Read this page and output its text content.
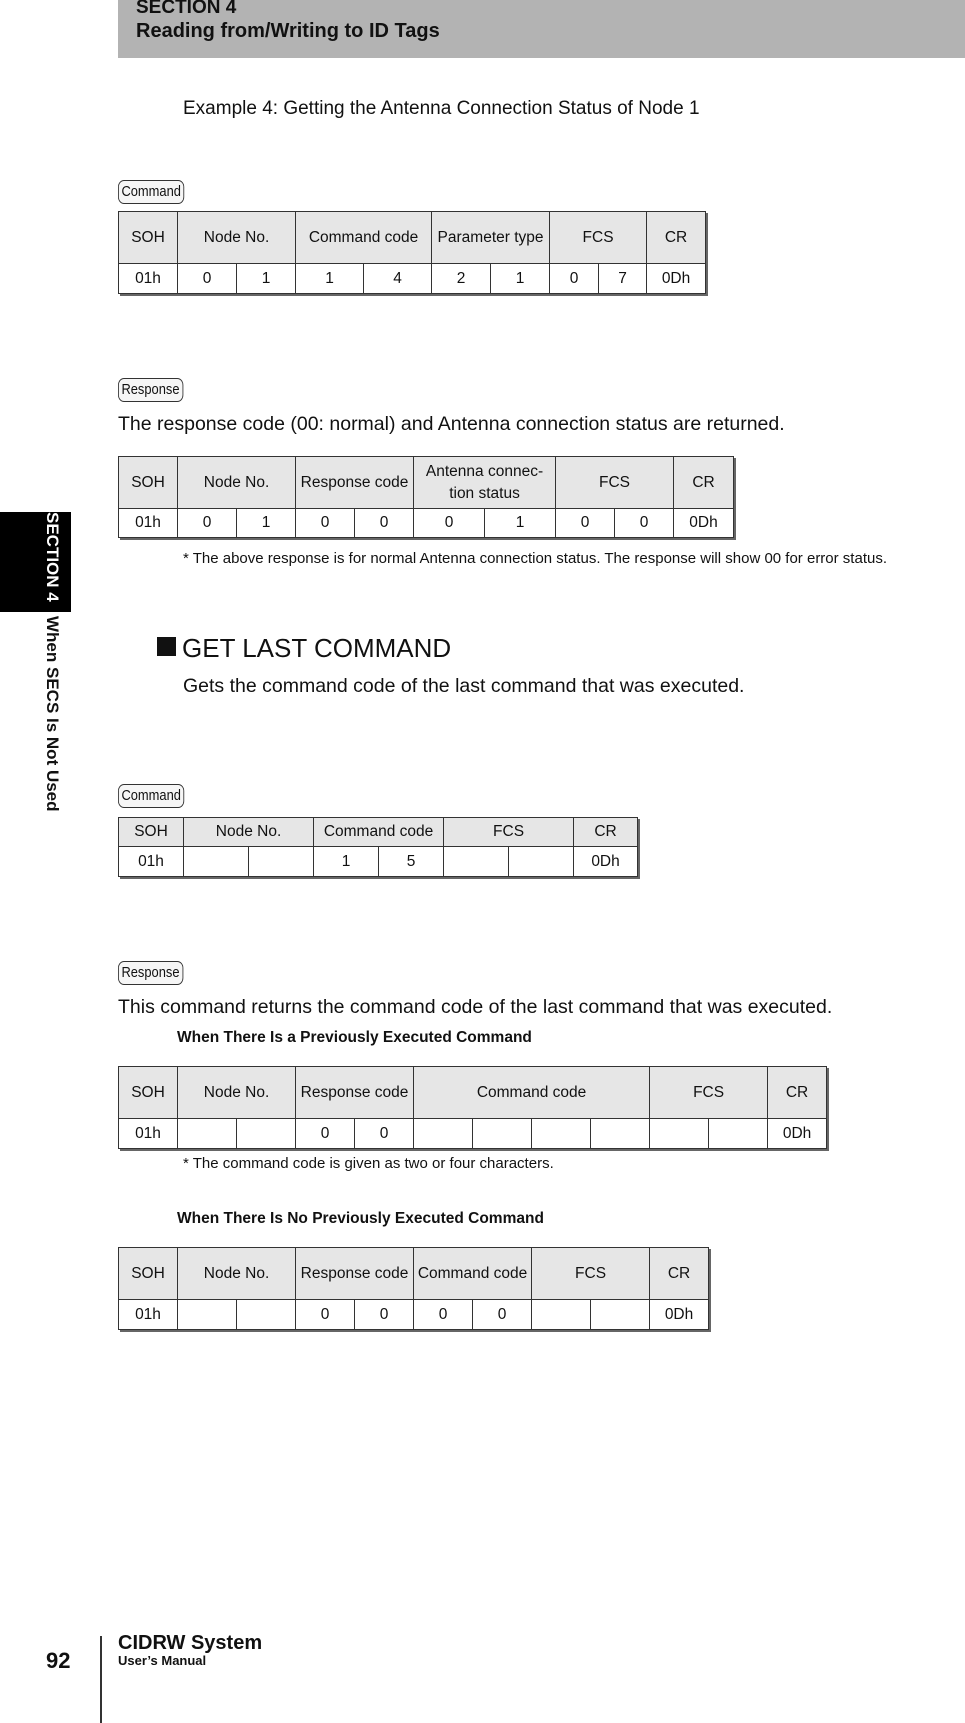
SECTION 4
Reading from/Writing to ID Tags
SECTION 4 When SECS Is Not Used
Example 4: Getting the Antenna Connection Status of Node 1
Command
SOH	Node No.		Command code		Parameter type		FCS		CR
01h	0	1	1	4	2	1	0	7	0Dh
Response
The response code (00: normal) and Antenna connection status are returned.
SOH	Node No.		Response code		Antenna connec- tion status		FCS		CR
01h	0	1	0	0	0	1	0	0	0Dh
* The above response is for normal Antenna connection status. The response will show 00 for error status.
GET LAST COMMAND
Gets the command code of the last command that was executed.
Command
SOH	Node No.		Command code		FCS		CR
01h			1	5			0Dh
Response
This command returns the command code of the last command that was executed.
When There Is a Previously Executed Command
SOH	Node No.		Response code		Command code				FCS		CR
01h			0	0							0Dh
* The command code is given as two or four characters.
When There Is No Previously Executed Command
SOH	Node No.		Response code		Command code		FCS		CR
01h			0	0	0	0			0Dh
92
CIDRW System
User’s Manual
